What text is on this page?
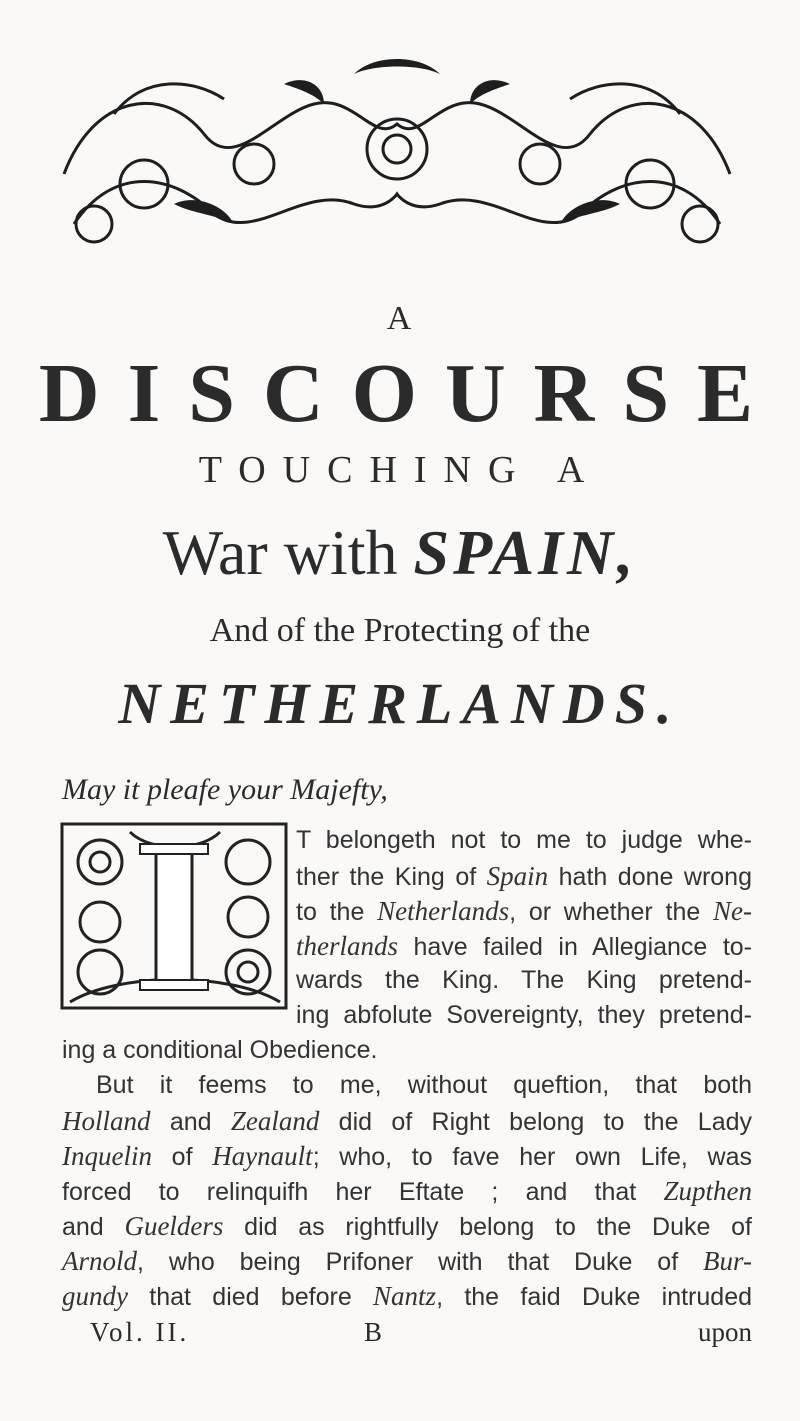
A
DISCOURSE
TOUCHING A
War with SPAIN,
And of the Protecting of the
NETHERLANDS.
May it pleafe your Majefty,
T belongeth not to me to judge whe-
ther the King of Spain hath done wrong
to the Netherlands, or whether the Ne-
therlands have failed in Allegiance to-
wards the King. The King pretend-
ing abfolute Sovereignty, they pretend-
ing a conditional Obedience.
But it feems to me, without queftion, that both
Holland and Zealand did of Right belong to the Lady
Inquelin of Haynault; who, to fave her own Life, was
forced to relinquifh her Eftate ; and that Zupthen
and Guelders did as rightfully belong to the Duke of
Arnold, who being Prifoner with that Duke of Bur-
gundy that died before Nantz, the faid Duke intruded
Vol. II.	B	upon
